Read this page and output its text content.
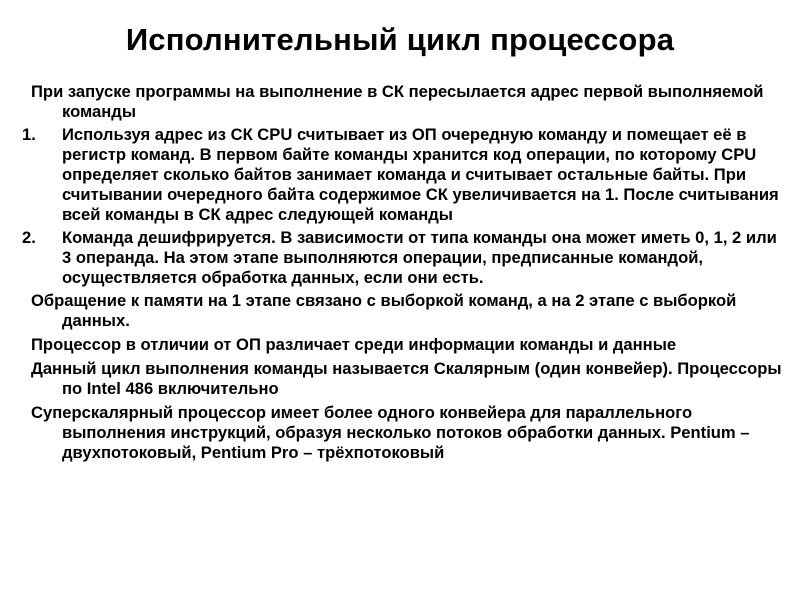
Исполнительный цикл процессора
При запуске программы на выполнение в СК пересылается адрес первой выполняемой команды
1.	Используя адрес из СК CPU считывает из ОП очередную команду и помещает её в регистр команд. В первом байте команды хранится код операции, по которому CPU определяет сколько байтов занимает команда и считывает остальные байты. При считывании очередного байта содержимое СК увеличивается на 1. После считывания всей команды в СК адрес следующей команды
2.	Команда дешифрируется. В зависимости от типа команды она может иметь 0, 1, 2 или 3 операнда. На этом этапе выполняются операции, предписанные командой, осуществляется обработка данных, если они есть.
Обращение к памяти на 1 этапе связано с выборкой команд, а на 2 этапе с выборкой данных.
Процессор в отличии от ОП различает среди информации команды и данные
Данный цикл выполнения команды называется Скалярным (один конвейер). Процессоры по Intel 486 включительно
Суперскалярный процессор имеет более одного конвейера для параллельного выполнения инструкций, образуя несколько потоков обработки данных. Pentium – двухпотоковый, Pentium Pro – трёхпотоковый
